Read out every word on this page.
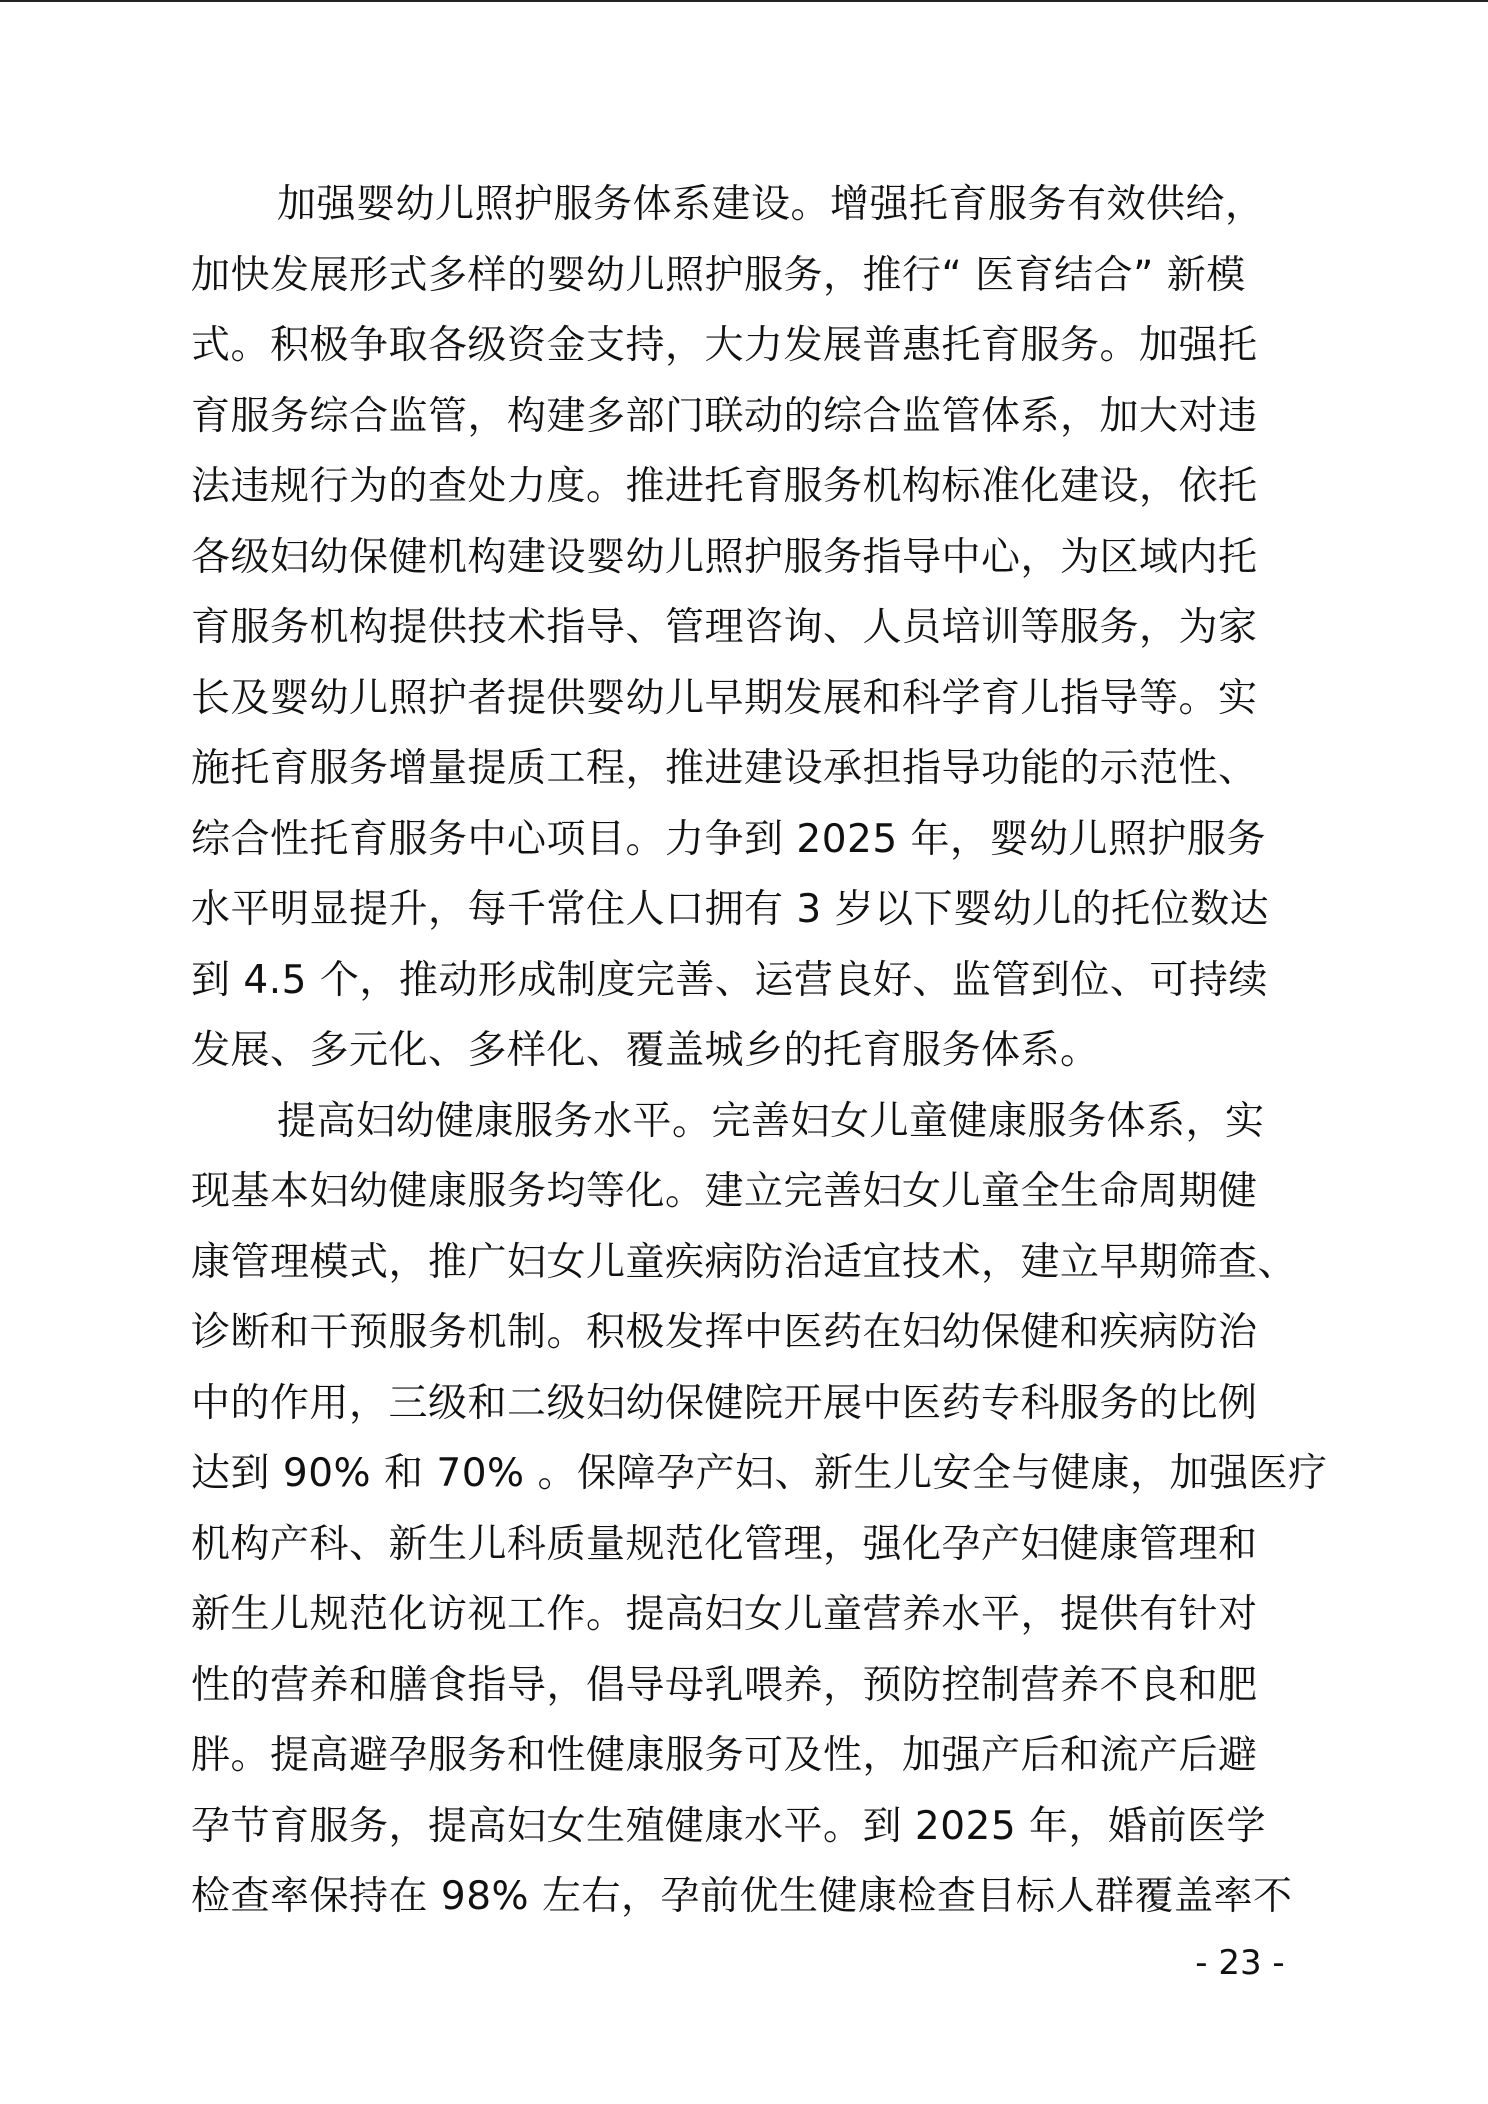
加强婴幼儿照护服务体系建设。增强托育服务有效供给，
加快发展形式多样的婴幼儿照护服务，推行“ 医育结合” 新模
式。积极争取各级资金支持，大力发展普惠托育服务。加强托
育服务综合监管，构建多部门联动的综合监管体系，加大对违
法违规行为的查处力度。推进托育服务机构标准化建设，依托
各级妇幼保健机构建设婴幼儿照护服务指导中心，为区域内托
育服务机构提供技术指导、管理咨询、人员培训等服务，为家
长及婴幼儿照护者提供婴幼儿早期发展和科学育儿指导等。实
施托育服务增量提质工程，推进建设承担指导功能的示范性、
综合性托育服务中心项目。力争到 2025 年，婴幼儿照护服务
水平明显提升，每千常住人口拥有 3 岁以下婴幼儿的托位数达
到 4.5 个，推动形成制度完善、运营良好、监管到位、可持续
发展、多元化、多样化、覆盖城乡的托育服务体系。
提高妇幼健康服务水平。完善妇女儿童健康服务体系，实
现基本妇幼健康服务均等化。建立完善妇女儿童全生命周期健
康管理模式，推广妇女儿童疾病防治适宜技术，建立早期筛查、
诊断和干预服务机制。积极发挥中医药在妇幼保健和疾病防治
中的作用，三级和二级妇幼保健院开展中医药专科服务的比例
达到 90% 和 70% 。保障孕产妇、新生儿安全与健康，加强医疗
机构产科、新生儿科质量规范化管理，强化孕产妇健康管理和
新生儿规范化访视工作。提高妇女儿童营养水平，提供有针对
性的营养和膳食指导，倡导母乳喂养，预防控制营养不良和肥
胖。提高避孕服务和性健康服务可及性，加强产后和流产后避
孕节育服务，提高妇女生殖健康水平。到 2025 年，婚前医学
检查率保持在 98% 左右，孕前优生健康检查目标人群覆盖率不
- 23 -
